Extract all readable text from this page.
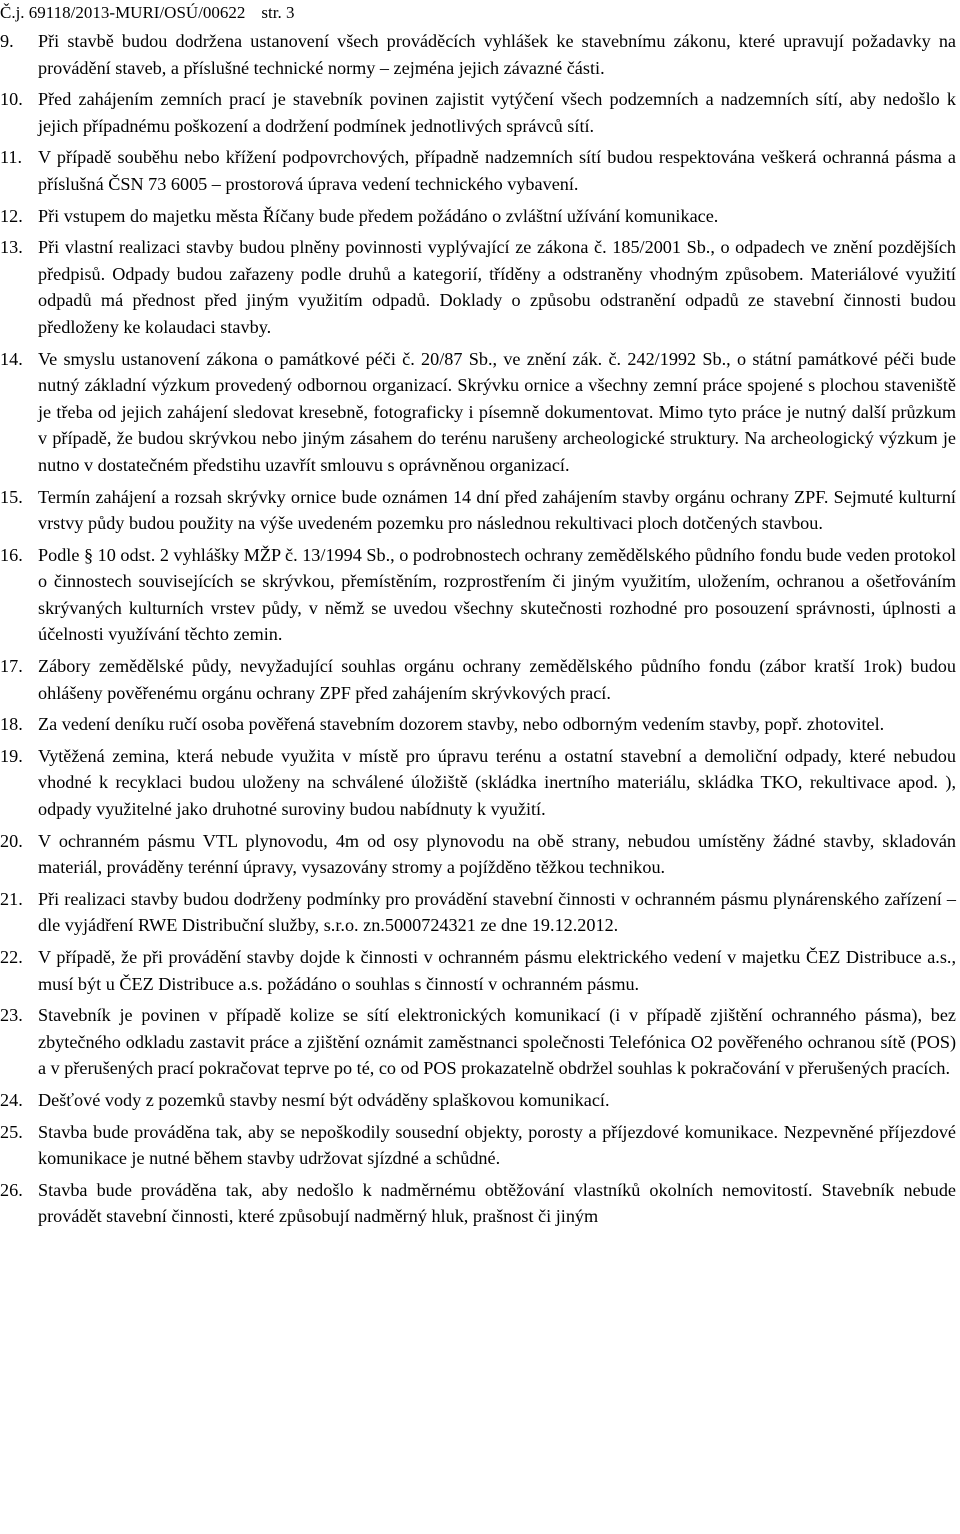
Č.j. 69118/2013-MURI/OSÚ/00622 str. 3
9.	Při stavbě budou dodržena ustanovení všech prováděcích vyhlášek ke stavebnímu zákonu, které upravují požadavky na provádění staveb, a příslušné technické normy – zejména jejich závazné části.
10. Před zahájením zemních prací je stavebník povinen zajistit vytýčení všech podzemních a nadzemních sítí, aby nedošlo k jejich případnému poškození a dodržení podmínek jednotlivých správců sítí.
11. V případě souběhu nebo křížení podpovrchových, případně nadzemních sítí budou respektována veškerá ochranná pásma a příslušná ČSN 73 6005 – prostorová úprava vedení technického vybavení.
12. Při vstupem do majetku města Říčany bude předem požádáno o zvláštní užívání komunikace.
13. Při vlastní realizaci stavby budou plněny povinnosti vyplývající ze zákona č. 185/2001 Sb., o odpadech ve znění pozdějších předpisů. Odpady budou zařazeny podle druhů a kategorií, tříděny a odstraněny vhodným způsobem. Materiálové využití odpadů má přednost před jiným využitím odpadů. Doklady o způsobu odstranění odpadů ze stavební činnosti budou předloženy ke kolaudaci stavby.
14. Ve smyslu ustanovení zákona o památkové péči č. 20/87 Sb., ve znění zák. č. 242/1992 Sb., o státní památkové péči bude nutný základní výzkum provedený odbornou organizací. Skrývku ornice a všechny zemní práce spojené s plochou staveniště je třeba od jejich zahájení sledovat kresebně, fotograficky i písemně dokumentovat. Mimo tyto práce je nutný další průzkum v případě, že budou skrývkou nebo jiným zásahem do terénu narušeny archeologické struktury. Na archeologický výzkum je nutno v dostatečném předstihu uzavřít smlouvu s oprávněnou organizací.
15. Termín zahájení a rozsah skrývky ornice bude oznámen 14 dní před zahájením stavby orgánu ochrany ZPF. Sejmuté kulturní vrstvy půdy budou použity na výše uvedeném pozemku pro následnou rekultivaci ploch dotčených stavbou.
16. Podle § 10 odst. 2 vyhlášky MŽP č. 13/1994 Sb., o podrobnostech ochrany zemědělského půdního fondu bude veden protokol o činnostech souvisejících se skrývkou, přemístěním, rozprostřením či jiným využitím, uložením, ochranou a ošetřováním skrývaných kulturních vrstev půdy, v němž se uvedou všechny skutečnosti rozhodné pro posouzení správnosti, úplnosti a účelnosti využívání těchto zemin.
17. Zábory zemědělské půdy, nevyžadující souhlas orgánu ochrany zemědělského půdního fondu (zábor kratší 1rok) budou ohlášeny pověřenému orgánu ochrany ZPF před zahájením skrývkových prací.
18. Za vedení deníku ručí osoba pověřená stavebním dozorem stavby, nebo odborným vedením stavby, popř. zhotovitel.
19. Vytěžená zemina, která nebude využita v místě pro úpravu terénu a ostatní stavební a demoliční odpady, které nebudou vhodné k recyklaci budou uloženy na schválené úložiště (skládka inertního materiálu, skládka TKO, rekultivace apod. ), odpady využitelné jako druhotné suroviny budou nabídnuty k využití.
20. V ochranném pásmu VTL plynovodu, 4m od osy plynovodu na obě strany, nebudou umístěny žádné stavby, skladován materiál, prováděny terénní úpravy, vysazovány stromy a pojížděno těžkou technikou.
21. Při realizaci stavby budou dodrženy podmínky pro provádění stavební činnosti v ochranném pásmu plynárenského zařízení – dle vyjádření RWE Distribuční služby, s.r.o. zn.5000724321 ze dne 19.12.2012.
22. V případě, že při provádění stavby dojde k činnosti v ochranném pásmu elektrického vedení v majetku ČEZ Distribuce a.s., musí být u ČEZ Distribuce a.s. požádáno o souhlas s činností v ochranném pásmu.
23. Stavebník je povinen v případě kolize se sítí elektronických komunikací (i v případě zjištění ochranného pásma), bez zbytečného odkladu zastavit práce a zjištění oznámit zaměstnanci společnosti Telefónica O2 pověřeného ochranou sítě (POS) a v přerušených prací pokračovat teprve po té, co od POS prokazatelně obdržel souhlas k pokračování v přerušených pracích.
24. Dešťové vody z pozemků stavby nesmí být odváděny splaškovou komunikací.
25. Stavba bude prováděna tak, aby se nepoškodily sousední objekty, porosty a příjezdové komunikace. Nezpevněné příjezdové komunikace je nutné během stavby udržovat sjízdné a schůdné.
26. Stavba bude prováděna tak, aby nedošlo k nadměrnému obtěžování vlastníků okolních nemovitostí. Stavebník nebude provádět stavební činnosti, které způsobují nadměrný hluk, prašnost či jiným
